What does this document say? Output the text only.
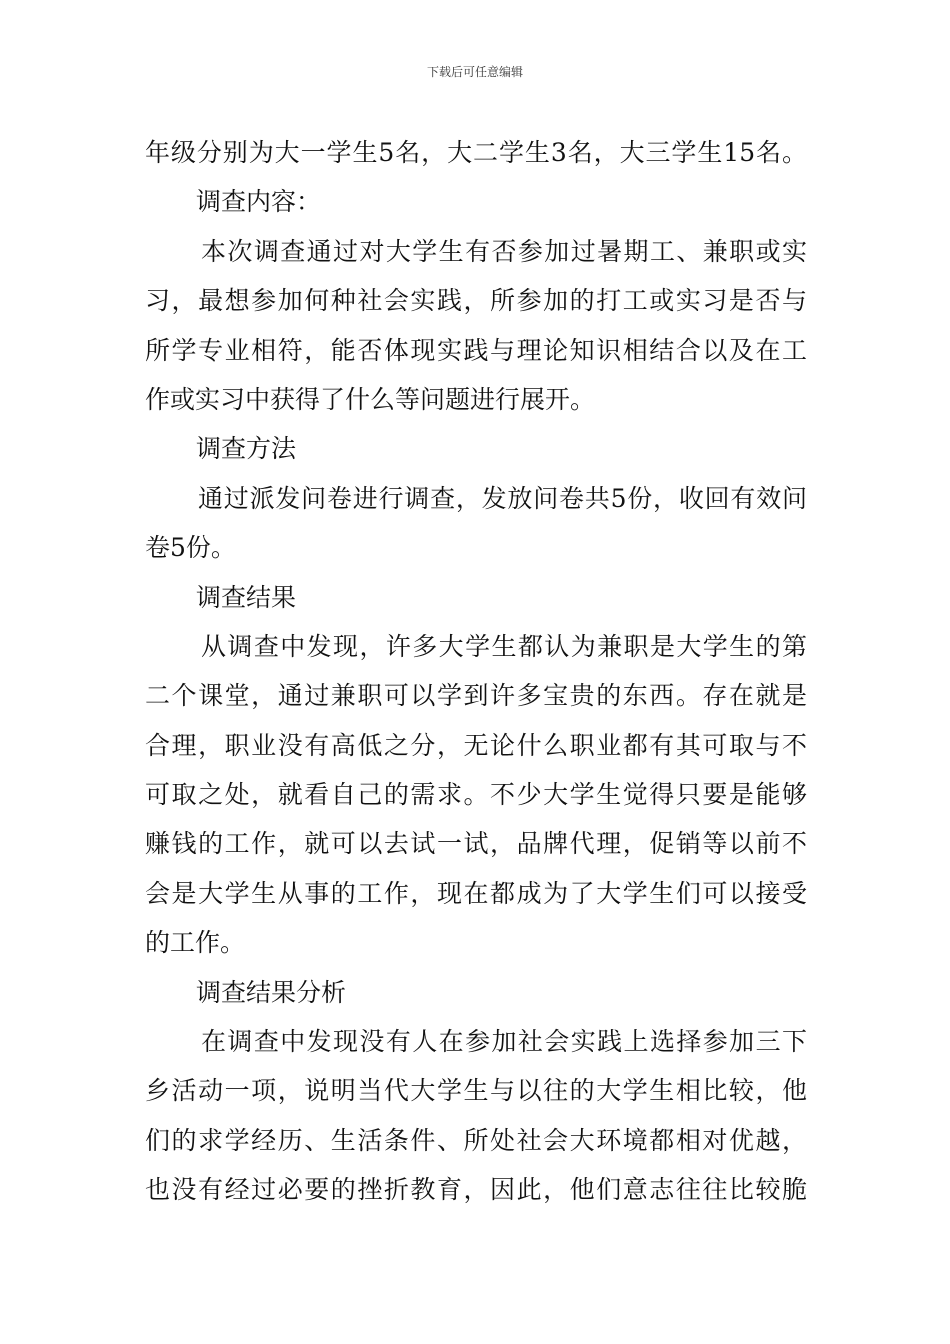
下载后可任意编辑
年级分别为大一学生5名，大二学生3名，大三学生15名。
调查内容：
本次调查通过对大学生有否参加过暑期工、兼职或实
习，最想参加何种社会实践，所参加的打工或实习是否与
所学专业相符，能否体现实践与理论知识相结合以及在工
作或实习中获得了什么等问题进行展开。
调查方法
通过派发问卷进行调查，发放问卷共5份，收回有效问
卷5份。
调查结果
从调查中发现，许多大学生都认为兼职是大学生的第
二个课堂，通过兼职可以学到许多宝贵的东西。存在就是
合理，职业没有高低之分，无论什么职业都有其可取与不
可取之处，就看自己的需求。不少大学生觉得只要是能够
赚钱的工作，就可以去试一试，品牌代理，促销等以前不
会是大学生从事的工作，现在都成为了大学生们可以接受
的工作。
调查结果分析
在调查中发现没有人在参加社会实践上选择参加三下
乡活动一项，说明当代大学生与以往的大学生相比较，他
们的求学经历、生活条件、所处社会大环境都相对优越，
也没有经过必要的挫折教育，因此，他们意志往往比较脆
